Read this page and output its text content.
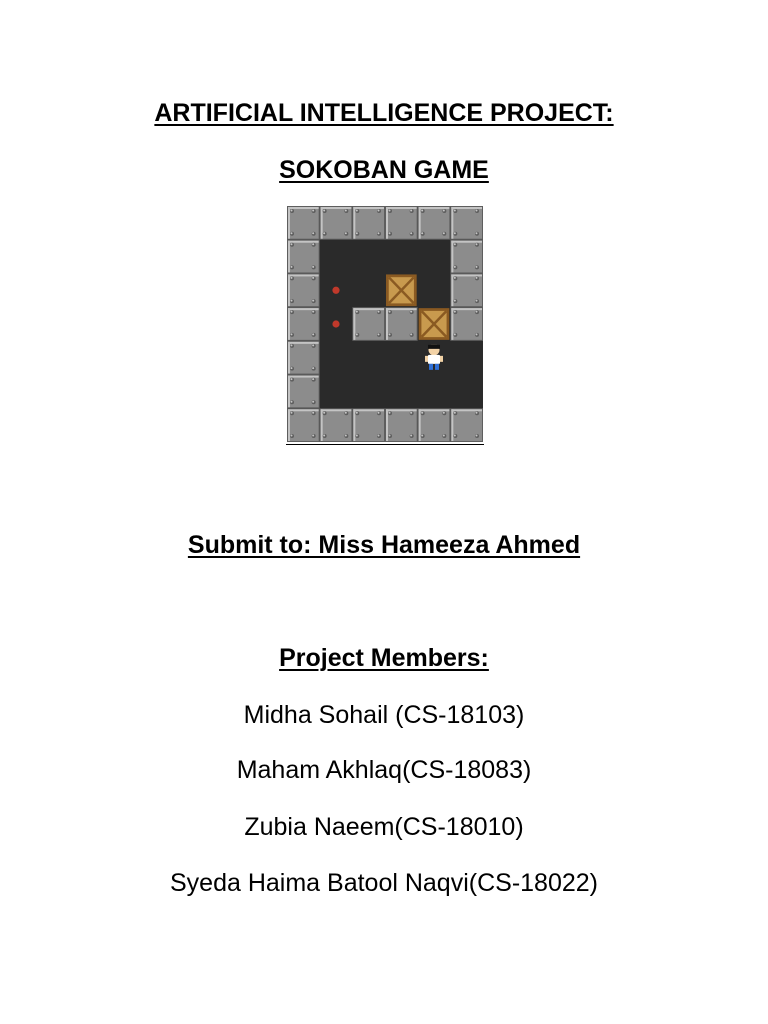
ARTIFICIAL INTELLIGENCE PROJECT:
SOKOBAN GAME
Submit to: Miss Hameeza Ahmed
Project Members:
Midha Sohail (CS-18103)
Maham Akhlaq(CS-18083)
Zubia Naeem(CS-18010)
Syeda Haima Batool Naqvi(CS-18022)
